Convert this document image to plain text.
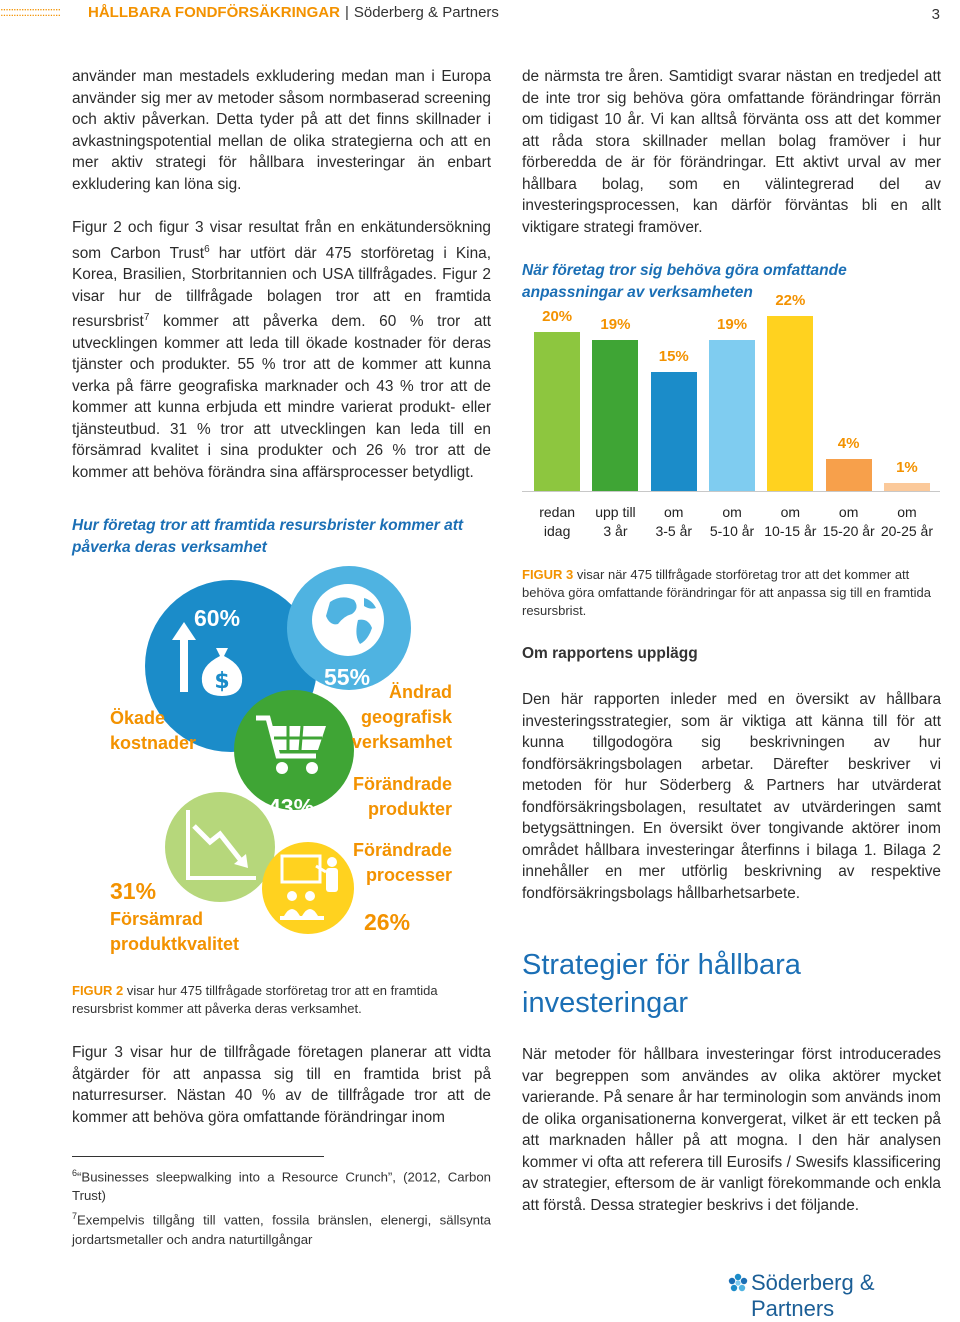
::::::::::::::::::::::: HÅLLBARA FONDFÖRSÄKRINGAR | Söderberg & Partners	3

använder man mestadels exkludering medan man i Europa använder sig mer av metoder såsom normbaserad screening och aktiv påverkan. Detta tyder på att det finns skillnader i avkastningspotential mellan de olika strategierna och att en mer aktiv strategi för hållbara investeringar än enbart exkludering kan löna sig.

Figur 2 och figur 3 visar resultat från en enkätundersökning som Carbon Trust$^6$ har utfört där 475 storföretag i Kina, Korea, Brasilien, Storbritannien och USA tillfrågades. Figur 2 visar hur de tillfrågade bolagen tror att en framtida resursbrist$^7$ kommer att påverka dem. 60 % tror att utvecklingen kommer att leda till ökade kostnader för deras tjänster och produkter. 55 % tror att de kommer att kunna verka på färre geografiska marknader och 43 % tror att de kommer att kunna erbjuda ett mindre varierat produkt- eller tjänsteutbud. 31 % tror att utvecklingen kan leda till en försämrad kvalitet i sina produkter och 26 % tror att de kommer att behöva förändra sina affärsprocesser betydligt.

Hur företag tror att framtida resursbrister kommer att påverka deras verksamhet
$
60%
55%
43%
31%
26%
Ökade
kostnader
Ändrad
geografisk
verksamhet
Förändrade
produkter
Försämrad
produktkvalitet
Förändrade
processer
FIGUR 2 visar hur 475 tillfrågade storföretag tror att en framtida resursbrist kommer att påverka deras verksamhet.

Figur 3 visar hur de tillfrågade företagen planerar att vidta åtgärder för att anpassa sig till en framtida brist på naturresurser. Nästan 40 % av de tillfrågade tror att de kommer att behöva göra omfattande förändringar inom

$^6$“Businesses sleepwalking into a Resource Crunch”, (2012, Carbon Trust)

$^7$Exempelvis tillgång till vatten, fossila bränslen, elenergi, sällsynta jordartsmetaller och andra naturtillgångar

de närmsta tre åren. Samtidigt svarar nästan en tredjedel att de inte tror sig behöva göra omfattande förändringar förrän om tidigast 10 år. Vi kan alltså förvänta oss att det kommer att råda stora skillnader mellan bolag framöver i hur förberedda de är för förändringar. Ett aktivt urval av mer hållbara bolag, som en välintegrerad del av investeringsprocessen, kan därför förväntas bli en allt viktigare strategi framöver.

När företag tror sig behöva göra omfattande anpassningar av verksamheten
20%
redan
idag
19%
upp till
3 år
15%
om
3-5 år
19%
om
5-10 år
22%
om
10-15 år
4%
om
15-20 år
1%
om
20-25 år
FIGUR 3 visar när 475 tillfrågade storföretag tror att det kommer att behöva göra omfattande förändringar för att anpassa sig till en framtida resursbrist.
Om rapportens upplägg

Den här rapporten inleder med en översikt av hållbara investeringsstrategier, som är viktiga att känna till för att kunna tillgodogöra sig beskrivningen av hur fondförsäkringsbolagen arbetar. Därefter beskriver vi metoden för hur Söderberg & Partners har utvärderat fondförsäkringsbolagen, resultatet av utvärderingen samt betygsättningen. En översikt över tongivande aktörer inom området hållbara investeringar återfinns i bilaga 1. Bilaga 2 innehåller en mer utförlig beskrivning av respektive fondförsäkringsbolags hållbarhetsarbete.

Strategier för hållbara investeringar

När metoder för hållbara investeringar först introducerades var begreppen som användes av olika aktörer mycket varierande. På senare år har terminologin som används inom de olika organisationerna konvergerat, vilket är ett tecken på att marknaden håller på att mogna. I den här analysen kommer vi ofta att referera till Eurosifs / Swesifs klassificering av strategier, eftersom de är vanligt förekommande och enkla att förstå. Dessa strategier beskrivs i det följande.

Söderberg & Partners
